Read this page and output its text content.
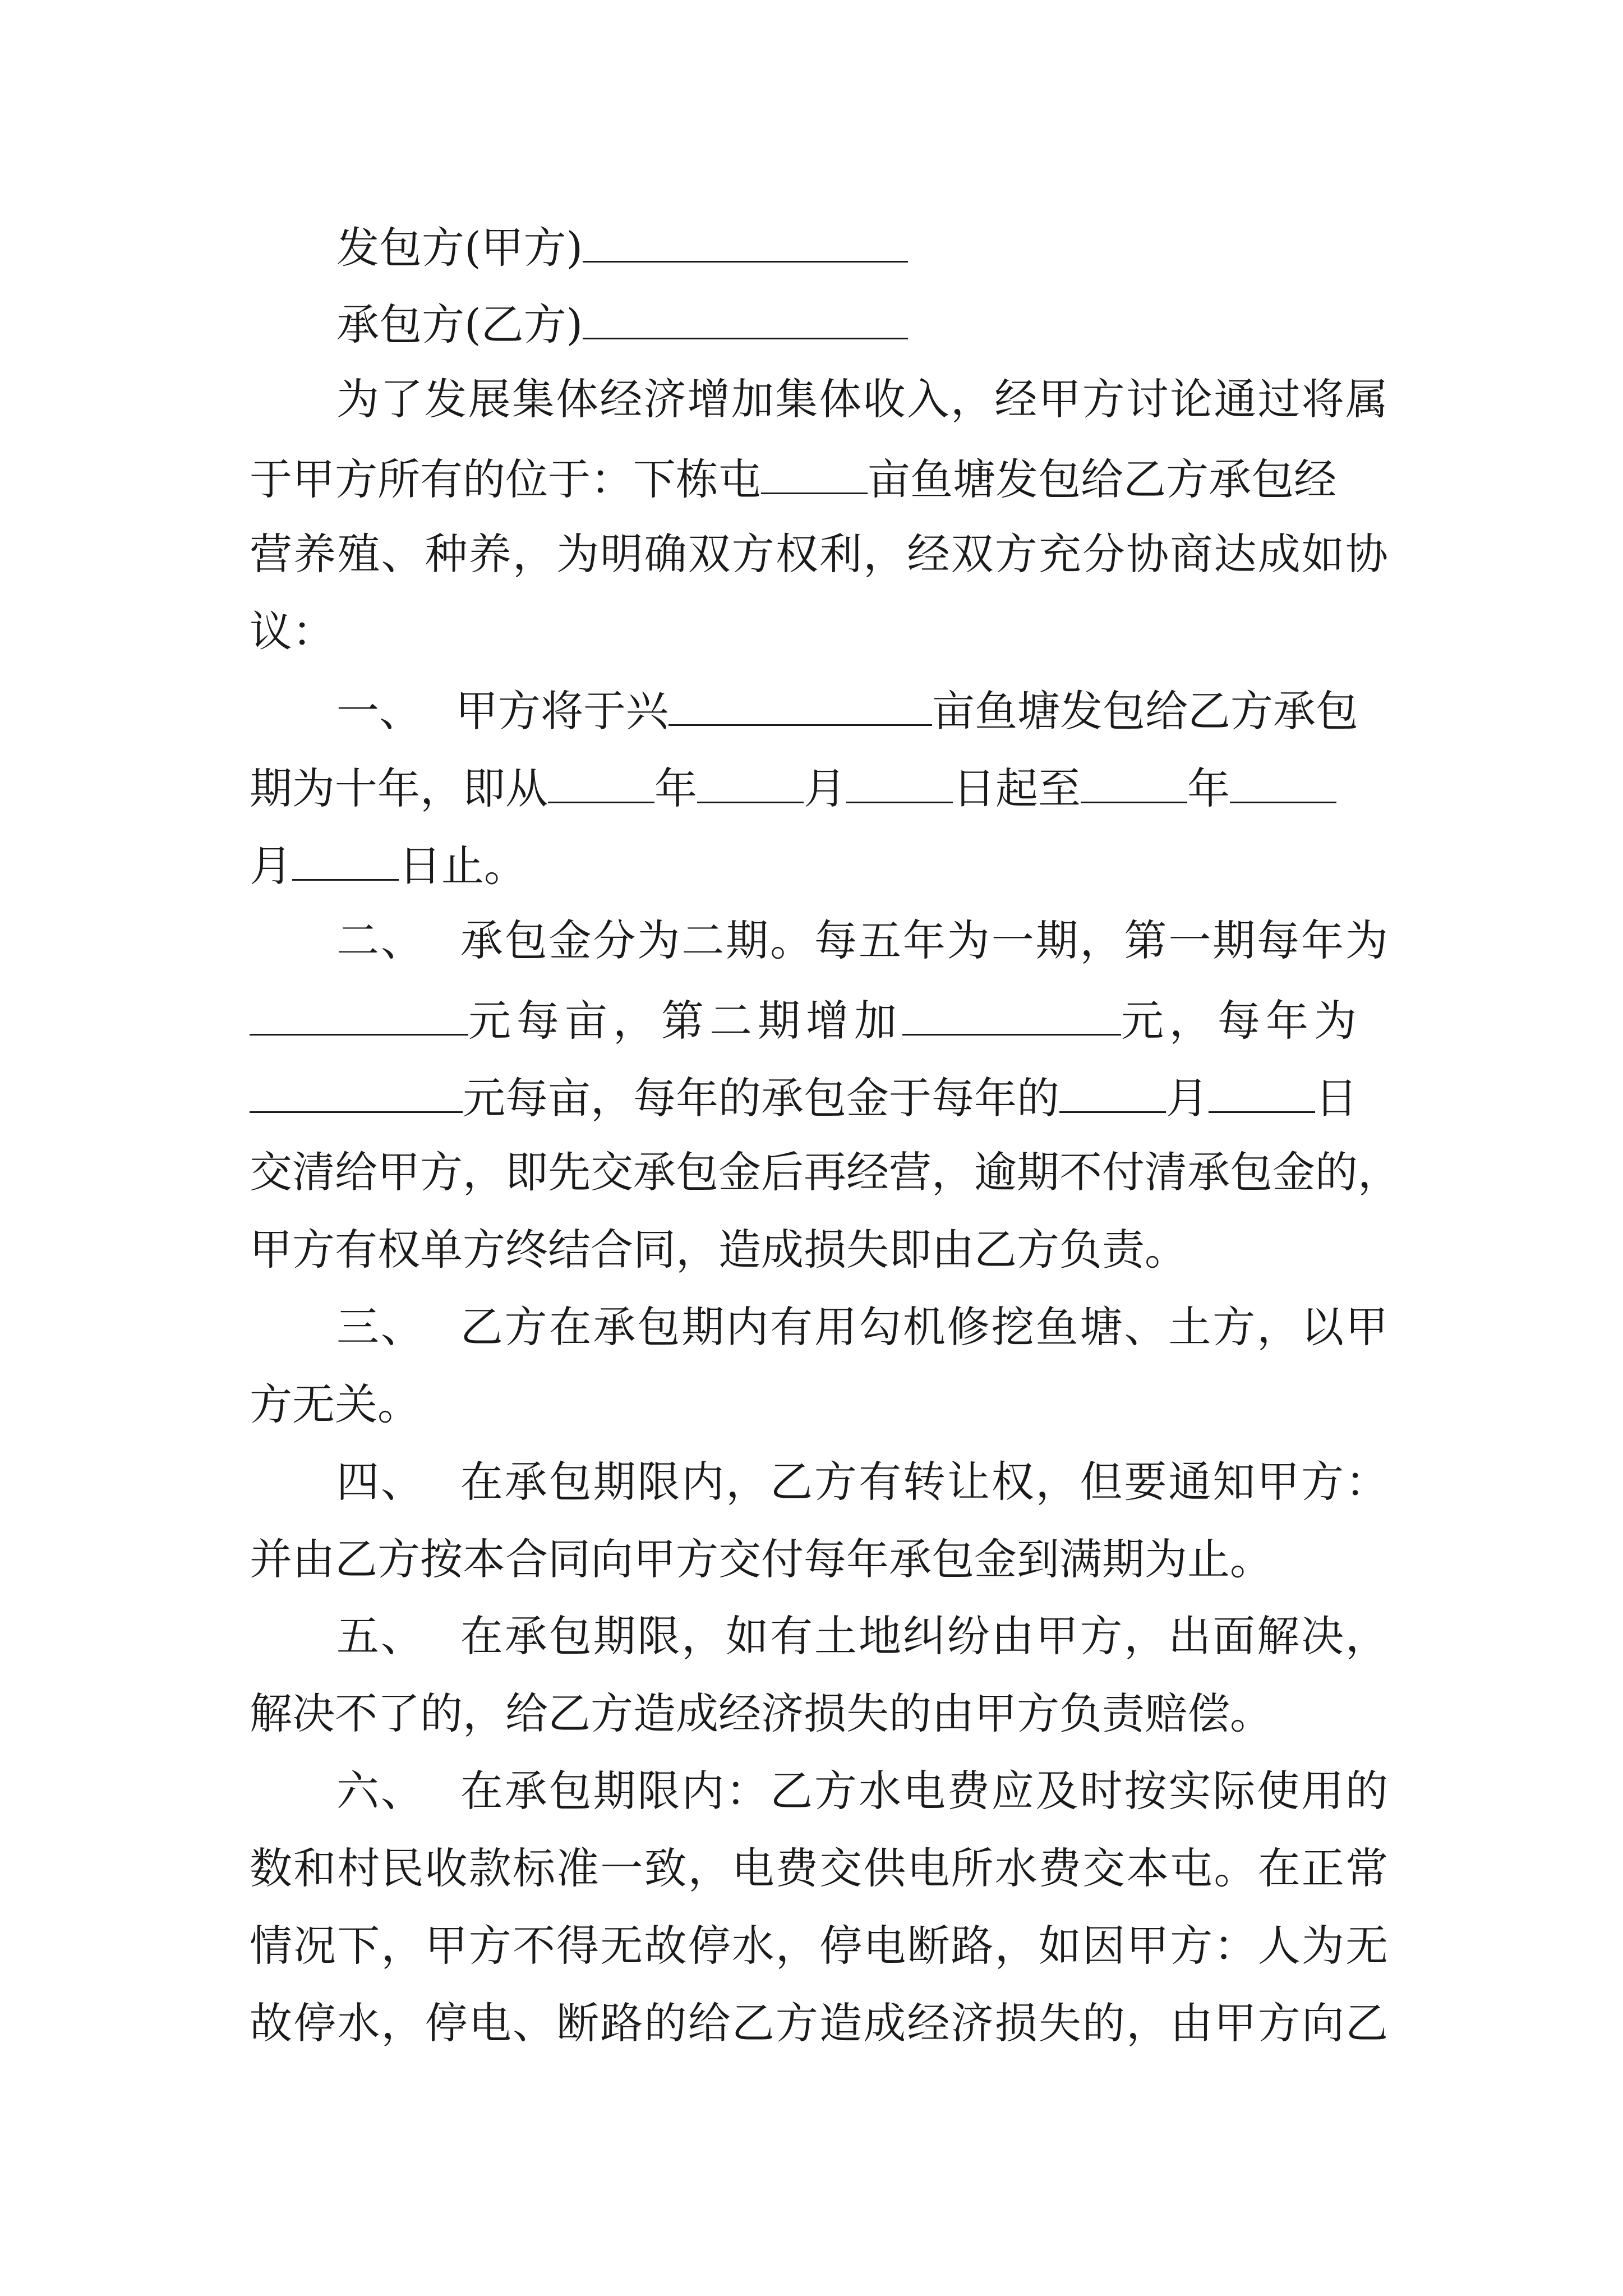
发包方(甲方)
承包方(乙方)
为了发展集体经济增加集体收入，经甲方讨论通过将属
于甲方所有的位于：下栋屯	亩鱼塘发包给乙方承包经
营养殖、种养，为明确双方权利，经双方充分协商达成如协
议：
一、 甲方将于兴	亩鱼塘发包给乙方承包
期为十年，即从	年	月	日起至	年
月	日止。
二、 承包金分为二期。每五年为一期，第一期每年为
元每亩，第二期增加	元，每年为
元每亩，每年的承包金于每年的	月	日
交清给甲方，即先交承包金后再经营，逾期不付清承包金的，
甲方有权单方终结合同，造成损失即由乙方负责。
三、 乙方在承包期内有用勾机修挖鱼塘、土方，以甲
方无关。
四、 在承包期限内，乙方有转让权，但要通知甲方：
并由乙方按本合同向甲方交付每年承包金到满期为止。
五、 在承包期限，如有土地纠纷由甲方，出面解决，
解决不了的，给乙方造成经济损失的由甲方负责赔偿。
六、 在承包期限内：乙方水电费应及时按实际使用的
数和村民收款标准一致，电费交供电所水费交本屯。在正常
情况下，甲方不得无故停水，停电断路，如因甲方：人为无
故停水，停电、断路的给乙方造成经济损失的，由甲方向乙
